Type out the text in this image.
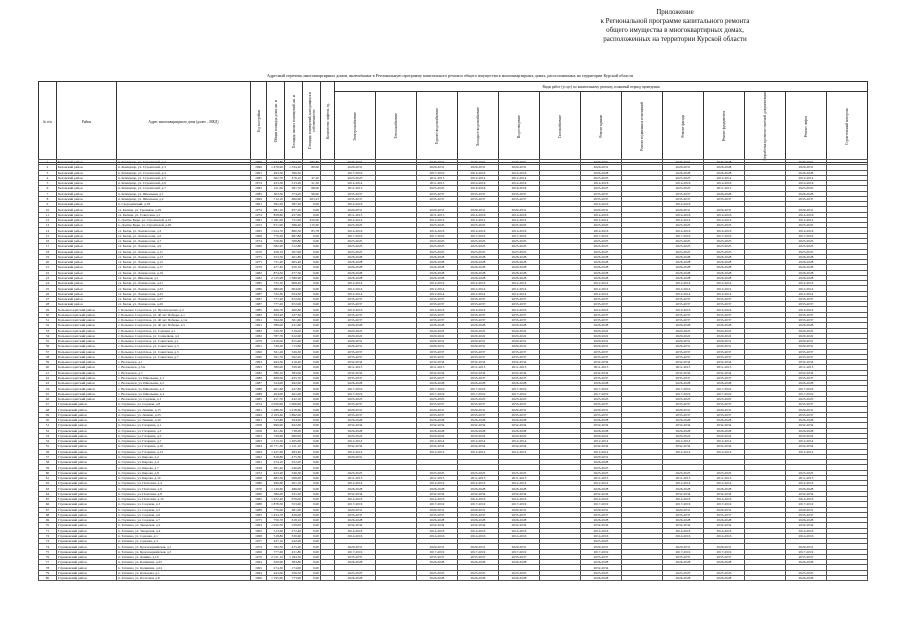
Приложение
к Региональной программе капитального ремонта
общего имущества в многоквартирных домах,
расположенных на территории Курской области
Адресный перечень многоквартирных домов, включённых в Региональную программу капитального ремонта общего имущества в многоквартирных домах, расположенных на территории Курской области
№ п/п	Район	Адрес многоквартирного дома (далее – МКД)	Год постройки	Общая площадь дома, кв. м	Площадь жилых помещений, кв. м	Площадь помещений, находящихся в собственности	Количество лифтов, ед.	Виды работ (услуг) по капитальному ремонту, плановый период проведения												
								Электроснабжение	Теплоснабжение	Горячее водоснабжение	Холодное водоснабжение	Водоотведение	Газоснабжение	Ремонт крыши	Ремонт подвальных помещений	Ремонт фасада	Ремонт фундамента	Разработка проектно-сметной документации	Ремонт лифта	Строительный контроль
1	Беловский район	п. Коммунар, ул. Строителей, д.2	1990	1 044,80	1 004,00	580,80		2029-2031		2029-2031	2029-2031	2029-2031		2029-2031		2029-2031	2026-2028		2029-2031	
2	Беловский район	п. Коммунар, ул. Строителей, д.3	1990	1 478,90	1 334,20	80,00		2029-2031		2029-2031	2029-2031	2029-2031		2029-2031		2029-2031	2026-2028		2029-2031	
3	Беловский район	п. Коммунар, ул. Строителей, д.4	1991	493,50	396,30			2017-2019		2017-2019	2014-2016	2014-2016		2026-2028		2026-2028	2026-2028		2026-2028	
4	Беловский район	п. Коммунар, ул. Строителей, д.5	1985	362,70	476,10	47,20		2023-2025		2011-2013	2012-2014	2012-2014		2023-2025		2023-2025	2012-2014		2012-2014	
5	Беловский район	п. Коммунар, ул. Строителей, д.6	1974	453,50	313,20	51,30		2012-2014		2011-2013	2014-2016	2014-2016		2014-2016		2014-2016	2014-2016		2014-2016	
6	Беловский район	п. Коммунар, ул. Строителей, д.7	1983	411,00	381,70	98,00		2011-2013		2023-2025	2016-2018	2016-2018		2023-2025		2023-2025	2011-2013		2023-2025	
7	Беловский район	п. Коммунар, ул. Школьная, д.1	1985	363,50	374,20	96,00		2035-2037		2035-2037	2035-2037	2035-2037		2035-2037		2035-2037	2026-2028		2026-2028	
8	Беловский район	п. Коммунар, ул. Школьная, д.2	1969	712,10	660,90	205,23		2035-2037		2035-2037	2035-2037	2035-2037		2035-2037		2035-2037	2035-2037		2035-2037	
9	Беловский район	п. Скородинский, д.18	1961	392,50	387,20	0,00		2014-2016						2014-2016		2014-2016				
10	Беловский район	сл. Белица, ул. Троицкая, д.29	1974	981,10	957,20	0,00		2029-2031		2029-2031	2029-2031	2029-2031		2029-2031		2029-2031	2029-2031		2029-2031	
11	Беловский район	сл. Белица, ул. Советская, д.1	1974	858,60	457,00	0,00		2011-2013		2011-2013	2014-2016	2014-2016		2014-2016		2014-2016	2014-2016		2014-2016	
12	Беловский район	х. Долгие Буды, ул. Строителей, д.19	1981	1 181,00	751,00	450,00		2012-2014		2012-2014	2012-2014	2012-2014		2012-2014		2012-2014	2012-2014		2012-2014	
13	Беловский район	х. Долгие Буды, ул. Строителей, д.20	1972	971,90	586,40	115,00		2023-2025		2023-2025	2023-2025	2023-2025		2023-2025		2023-2025	2023-2025		2023-2025	
14	Беловский район	сл. Белая, ул. Ломоносова, д.3	1965	1 024,70	860,50	85,78		2014-2016		2014-2016	2014-2016	2014-2016		2014-2016		2014-2016	2014-2016		2014-2016	
15	Беловский район	сл. Белая, ул. Ломоносова, д.5	1969	770,50	687,80	0,00		2017-2019		2017-2019	2017-2019	2017-2019		2017-2019		2017-2019	2017-2019		2017-2019	
16	Беловский район	сл. Белая, ул. Ломоносова, д.7	1974	556,60	568,80	0,00		2023-2025		2023-2025	2023-2025	2023-2025		2023-2025		2023-2025	2023-2025		2023-2025	
17	Беловский район	сл. Белая, ул. Ломоносова, д.9	1969	582,20	512,80	0,00		2023-2025		2023-2025	2023-2025	2023-2025		2023-2025		2023-2025	2023-2025		2023-2025	
18	Беловский район	сл. Белая, ул. Ломоносова, д.11	1970	458,10	367,90	0,00		2023-2025		2023-2025	2023-2025	2023-2025		2023-2025		2023-2025	2023-2025		2023-2025	
19	Беловский район	сл. Белая, ул. Ломоносова, д.13	1975	453,50	401,80	0,00		2026-2028		2026-2028	2026-2028	2026-2028		2026-2028		2026-2028	2026-2028		2026-2028	
20	Беловский район	сл. Белая, ул. Ломоносова, д.15	1975	731,40	665,40	0,00		2026-2028		2026-2028	2026-2028	2026-2028		2026-2028		2026-2028	2026-2028		2026-2028	
21	Беловский район	сл. Белая, ул. Ломоносова, д.17	1979	477,40	456,10	0,00		2026-2028		2026-2028	2026-2028	2026-2028		2026-2028		2026-2028	2026-2028		2026-2028	
22	Беловский район	сл. Белая, ул. Ломоносова, д.19	1982	874,50	477,30	0,00		2026-2028		2026-2028	2026-2028	2026-2028		2026-2028		2026-2028	2026-2028		2026-2028	
23	Беловский район	сл. Белая, ул. Школьная, д.1	1982	2 125,08	1 589,90	0,00		2026-2028		2026-2028	2026-2028	2026-2028		2026-2028		2026-2028	2026-2028		2026-2028	
24	Беловский район	сл. Белая, ул. Ломоносова, д.21	1985	732,10	608,40	0,00		2012-2014		2012-2014	2012-2014	2012-2014		2012-2014		2012-2014	2012-2014		2012-2014	
25	Беловский район	сл. Белая, ул. Ломоносова, д.23	1986	686,00	604,00	0,00		2012-2014		2012-2014	2012-2014	2012-2014		2012-2014		2012-2014	2012-2014		2012-2014	
26	Беловский район	сл. Белая, ул. Ломоносова, д.25	1987	722,30	634,50	0,00		2012-2014		2012-2014	2012-2014	2012-2014		2012-2014		2012-2014	2012-2014		2012-2014	
27	Беловский район	сл. Белая, ул. Ломоносова, д.27	1987	777,20	672,00	0,00		2035-2037		2035-2037	2035-2037	2035-2037		2035-2037		2035-2037	2035-2037		2035-2037	
28	Беловский район	сл. Белая, ул. Ломоносова, д.29	1987	777,20	672,00	0,00		2035-2037		2035-2037	2035-2037	2035-2037		2035-2037		2035-2037	2035-2037		2035-2037	
29	Большесолдатский район	с. Большое Солдатское, ул. Пролетарская, д.2	1985	469,70	460,60	0,00		2014-2016		2014-2016	2014-2016	2014-2016		2014-2016		2014-2016	2014-2016		2014-2016	
30	Большесолдатский район	с. Большое Солдатское, ул. 40 лет Победы, д.1	1982	593,20	327,30	0,00		2035-2037		2035-2037	2035-2037	2035-2037		2035-2037		2035-2037	2035-2037		2035-2037	
31	Большесолдатский район	с. Большое Солдатское, ул. 40 лет Победы, д.1А	1991	594,50	561,60	0,00		2035-2037		2035-2037	2035-2037	2035-2037		2035-2037		2035-2037	2035-2037		2035-2037	
32	Большесолдатский район	с. Большое Солдатское, ул. 40 лет Победы, д.5	1991	589,00	431,60	0,00		2026-2028		2026-2028	2026-2028	2026-2028		2026-2028		2026-2028	2026-2028		2026-2028	
33	Большесолдатский район	с. Большое Солдатское, ул. Садовая, д.1	1982	520,50	519,00	0,00		2020-2022		2020-2022	2020-2022	2020-2022		2020-2022		2020-2022	2020-2022		2020-2022	
34	Большесолдатский район	с. Большое Солдатское, ул. Солнечная, д.2	1982	787,70	612,00	0,00		2020-2022		2020-2022	2020-2022	2020-2022		2020-2022		2020-2022	2020-2022		2020-2022	
35	Большесолдатский район	с. Большое Солдатское, ул. Советская, д.1	1979	1 616,00	815,60	0,00		2029-2031		2029-2031	2029-2031	2029-2031		2029-2031		2029-2031	2029-2031		2029-2031	
36	Большесолдатский район	с. Большое Солдатское, ул. Советская, д.3	1991	749,20	713,60	0,00		2029-2031		2029-2031	2029-2031	2029-2031		2029-2031		2029-2031	2029-2031		2029-2031	
37	Большесолдатский район	с. Большое Солдатское, ул. Советская, д.5	1990	561,20	526,30	0,00		2035-2037		2035-2037	2035-2037	2035-2037		2035-2037		2035-2037	2035-2037		2035-2037	
38	Большесолдатский район	с. Большое Солдатское, ул. Советская, д.7	1990	591,70	592,20	0,00		2035-2037		2035-2037	2035-2037	2035-2037		2035-2037		2035-2037	2035-2037		2035-2037	
39	Большесолдатский район	с. Волоконск, д.1	1993	494,30	416,40	0,00		2032-2034		2032-2034	2032-2034	2032-2034		2032-2034		2032-2034	2032-2034		2032-2034	
40	Большесолдатский район	с. Волоконск, д.5А	1993	380,00	356,90	0,00		2011-2013		2011-2013	2011-2013	2011-2013		2011-2013		2011-2013	2011-2013		2011-2013	
41	Большесолдатский район	с. Волоконск, д.7	1982	580,10	383,00	0,00		2032-2034		2032-2034	2032-2034	2032-2034		2032-2034		2032-2034	2032-2034		2032-2034	
42	Большесолдатский район	с. Волоконск, ул. Школьная, д.1	1986	486,00	455,70	0,00		2035-2037		2035-2037	2035-2037	2035-2037		2035-2037		2035-2037	2035-2037		2035-2037	
43	Большесолдатский район	с. Волоконск, ул. Школьная, д.2	1987	524,00	492,00	0,00		2026-2028		2026-2028	2026-2028	2026-2028		2026-2028		2026-2028	2026-2028		2026-2028	
44	Большесолдатский район	с. Волоконск, ул. Школьная, д.3	1988	461,60	427,60	0,00		2017-2019		2017-2019	2017-2019	2017-2019		2017-2019		2017-2019	2017-2019		2017-2019	
45	Большесолдатский район	с. Волоконск, ул. Школьная, д.4	1988	494,00	461,00	0,00		2017-2019		2017-2019	2017-2019	2017-2019		2017-2019		2017-2019	2017-2019		2017-2019	
46	Большесолдатский район	с. Волоконск, ул. Садовая, д.1	1985	457,70	432,10	0,00		2023-2025		2023-2025	2023-2025	2023-2025		2023-2025		2023-2025	2023-2025		2023-2025	
47	Глушковский район	п. Глушково, ул. Садовая, д.8	1974	2 056,90	1 906,00	0,00		2035-2037		2035-2037	2035-2037	2035-2037		2035-2037		2035-2037	2035-2037		2035-2037	
48	Глушковский район	п. Глушково, ул. Ленина, д.15	1961	1 288,30	1 018,60	0,00		2029-2031		2029-2031	2029-2031	2029-2031		2029-2031		2029-2031	2029-2031		2029-2031	
49	Глушковский район	п. Глушково, ул. Ленина, д.25	1962	2 163,60	1 892,00	0,00		2035-2037		2035-2037	2035-2037	2035-2037		2035-2037		2035-2037	2035-2037		2035-2037	
50	Глушковский район	п. Глушково, ул. Ленина, д.30	1961	743,80	594,00	0,00		2026-2028		2026-2028	2026-2028	2026-2028		2026-2028		2026-2028	2026-2028		2026-2028	
51	Глушковский район	п. Глушково, ул. Гагарина, д.1	1958	696,90	622,60	0,00		2032-2034		2032-2034	2032-2034	2032-2034		2032-2034		2032-2034	2032-2034		2032-2034	
52	Глушковский район	п. Глушково, ул. Гагарина, д.3	1958	821,60	736,00	0,00		2026-2028		2026-2028	2026-2028	2026-2028		2026-2028		2026-2028	2026-2028		2026-2028	
53	Глушковский район	п. Глушково, ул. Гагарина, д.5	1963	749,60	690,00	0,00		2020-2022		2020-2022	2020-2022	2020-2022		2020-2022		2020-2022	2020-2022		2020-2022	
54	Глушковский район	п. Глушково, ул. Гагарина, д.7	1963	1 313,50	1 205,00	0,00		2012-2014		2012-2014	2012-2014	2012-2014		2012-2014		2012-2014	2012-2014		2012-2014	
55	Глушковский район	п. Глушково, ул. Гагарина, д.10	1964	10 771,30	1 121,10	0,00		2032-2034		2032-2034	2032-2034	2032-2034		2032-2034		2032-2034	2032-2034		2032-2034	
56	Глушковский район	п. Глушково, ул. Гагарина, д.12	1964	1 427,60	483,40	0,00		2012-2014		2012-2014	2012-2014	2012-2014		2012-2014		2012-2014	2012-2014		2012-2014	
57	Глушковский район	п. Глушково, ул. Кирова, д.2	1962	818,80	475,30	0,00		2029-2031						2029-2031						
58	Глушковский район	п. Глушково, ул. Кирова, д.4	1961	274,10	252,00	0,00								2026-2028						
59	Глушковский район	п. Глушково, ул. Кирова, д.7	1958	281,40	246,00	0,00								2023-2025						
60	Глушковский район	п. Глушково, ул. Кирова, д.8	1972	423,20	346,30	0,00		2023-2025		2023-2025	2023-2025	2023-2025		2023-2025		2023-2025	2023-2025		2023-2025	
61	Глушковский район	п. Глушково, ул. Кирова, д.10	1968	682,50	206,00	0,00		2011-2013		2011-2013	2011-2013	2011-2013		2011-2013		2011-2013	2011-2013		2011-2013	
62	Глушковский район	п. Глушково, ул. Почтовая, д.4	1980	496,60	261,10	0,00		2012-2014		2012-2014	2012-2014	2012-2014		2012-2014		2012-2014	2012-2014		2012-2014	
63	Глушковский район	п. Глушково, ул. Почтовая, д.6	1976	1 129,60	486,00	0,00		2026-2028		2026-2028	2026-2028	2026-2028		2026-2028		2026-2028	2026-2028		2026-2028	
64	Глушковский район	п. Глушково, ул. Почтовая, д.8	1960	380,00	231,00	0,00		2032-2034		2032-2034	2032-2034	2032-2034		2032-2034		2032-2034	2032-2034		2032-2034	
65	Глушковский район	п. Глушково, ул. Почтовая, д.10	1985	1 672,40	976,00	0,00		2014-2016		2014-2016	2014-2016	2014-2016		2014-2016		2014-2016	2014-2016		2014-2016	
66	Глушковский район	п. Глушково, ул. Садовая, д.3	1988	1 878,50	553,00	0,00		2017-2019		2017-2019	2017-2019	2017-2019		2017-2019		2017-2019	2017-2019		2017-2019	
67	Глушковский район	п. Глушково, ул. Садовая, д.5	1989	776,00	481,00	0,00		2029-2031		2029-2031	2029-2031	2029-2031		2029-2031		2029-2031	2029-2031		2029-2031	
68	Глушковский район	п. Глушково, ул. Садовая, д.6	1983	1 454,70	426,00	0,00		2035-2037		2035-2037	2035-2037	2035-2037		2035-2037		2035-2037	2035-2037		2035-2037	
69	Глушковский район	п. Глушково, ул. Садовая, д.7	1975	756,70	618,10	0,00		2026-2028		2026-2028	2026-2028	2026-2028		2026-2028		2026-2028	2026-2028		2026-2028	
70	Глушковский район	п. Теткино, ул. Заводская, д.2	1963	1 050,50	539,00	0,00		2032-2034		2032-2034	2032-2034	2032-2034		2032-2034		2032-2034	2032-2034		2032-2034	
71	Глушковский район	п. Теткино, ул. Заводская, д.4	1962	513,60	272,40	0,00		2014-2016		2014-2016	2014-2016	2014-2016		2014-2016		2014-2016	2014-2016		2014-2016	
72	Глушковский район	п. Теткино, ул. Садовая, д.1	1968	518,80	330,60	0,00		2014-2016		2014-2016	2014-2016	2014-2016		2014-2016		2014-2016	2014-2016		2014-2016	
73	Глушковский район	п. Теткино, ул. Садовая, д.3	1957	437,10	242,00	0,00								2023-2025						
74	Глушковский район	п. Теткино, ул. Красноармейская, д.1	1974	762,50	475,20	0,00		2029-2031		2029-2031	2029-2031	2029-2031		2029-2031		2029-2031	2029-2031		2029-2031	
75	Глушковский район	п. Теткино, ул. Красноармейская, д.3	1969	777,60	451,80	0,00		2017-2019		2017-2019	2017-2019	2017-2019		2017-2019		2017-2019	2017-2019		2017-2019	
76	Глушковский район	п. Теткино, ул. Ленина, д.10	1976	2 721,10	1 184,50	0,00		2035-2037		2035-2037	2035-2037	2035-2037		2035-2037		2035-2037	2035-2037		2035-2037	
77	Глушковский район	п. Теткино, ул. Калинина, д.22	1964	620,90	384,80	0,00		2026-2028		2026-2028	2026-2028	2026-2028		2026-2028		2026-2028	2026-2028		2026-2028	
78	Глушковский район	п. Теткино, ул. Калинина, д.24	1965	274,30	174,00	0,00								2032-2034						
79	Глушковский район	п. Теткино, ул. Кольцова, д.1	1964	443,00	356,50	0,00		2023-2025		2023-2025	2023-2025	2023-2025		2023-2025		2023-2025	2023-2025		2023-2025	
80	Глушковский район	п. Теткино, ул. Почтовая, д.8	1966	1 195,60	773,90	0,00		2026-2028		2026-2028	2026-2028	2026-2028		2026-2028		2026-2028	2026-2028		2026-2028	
